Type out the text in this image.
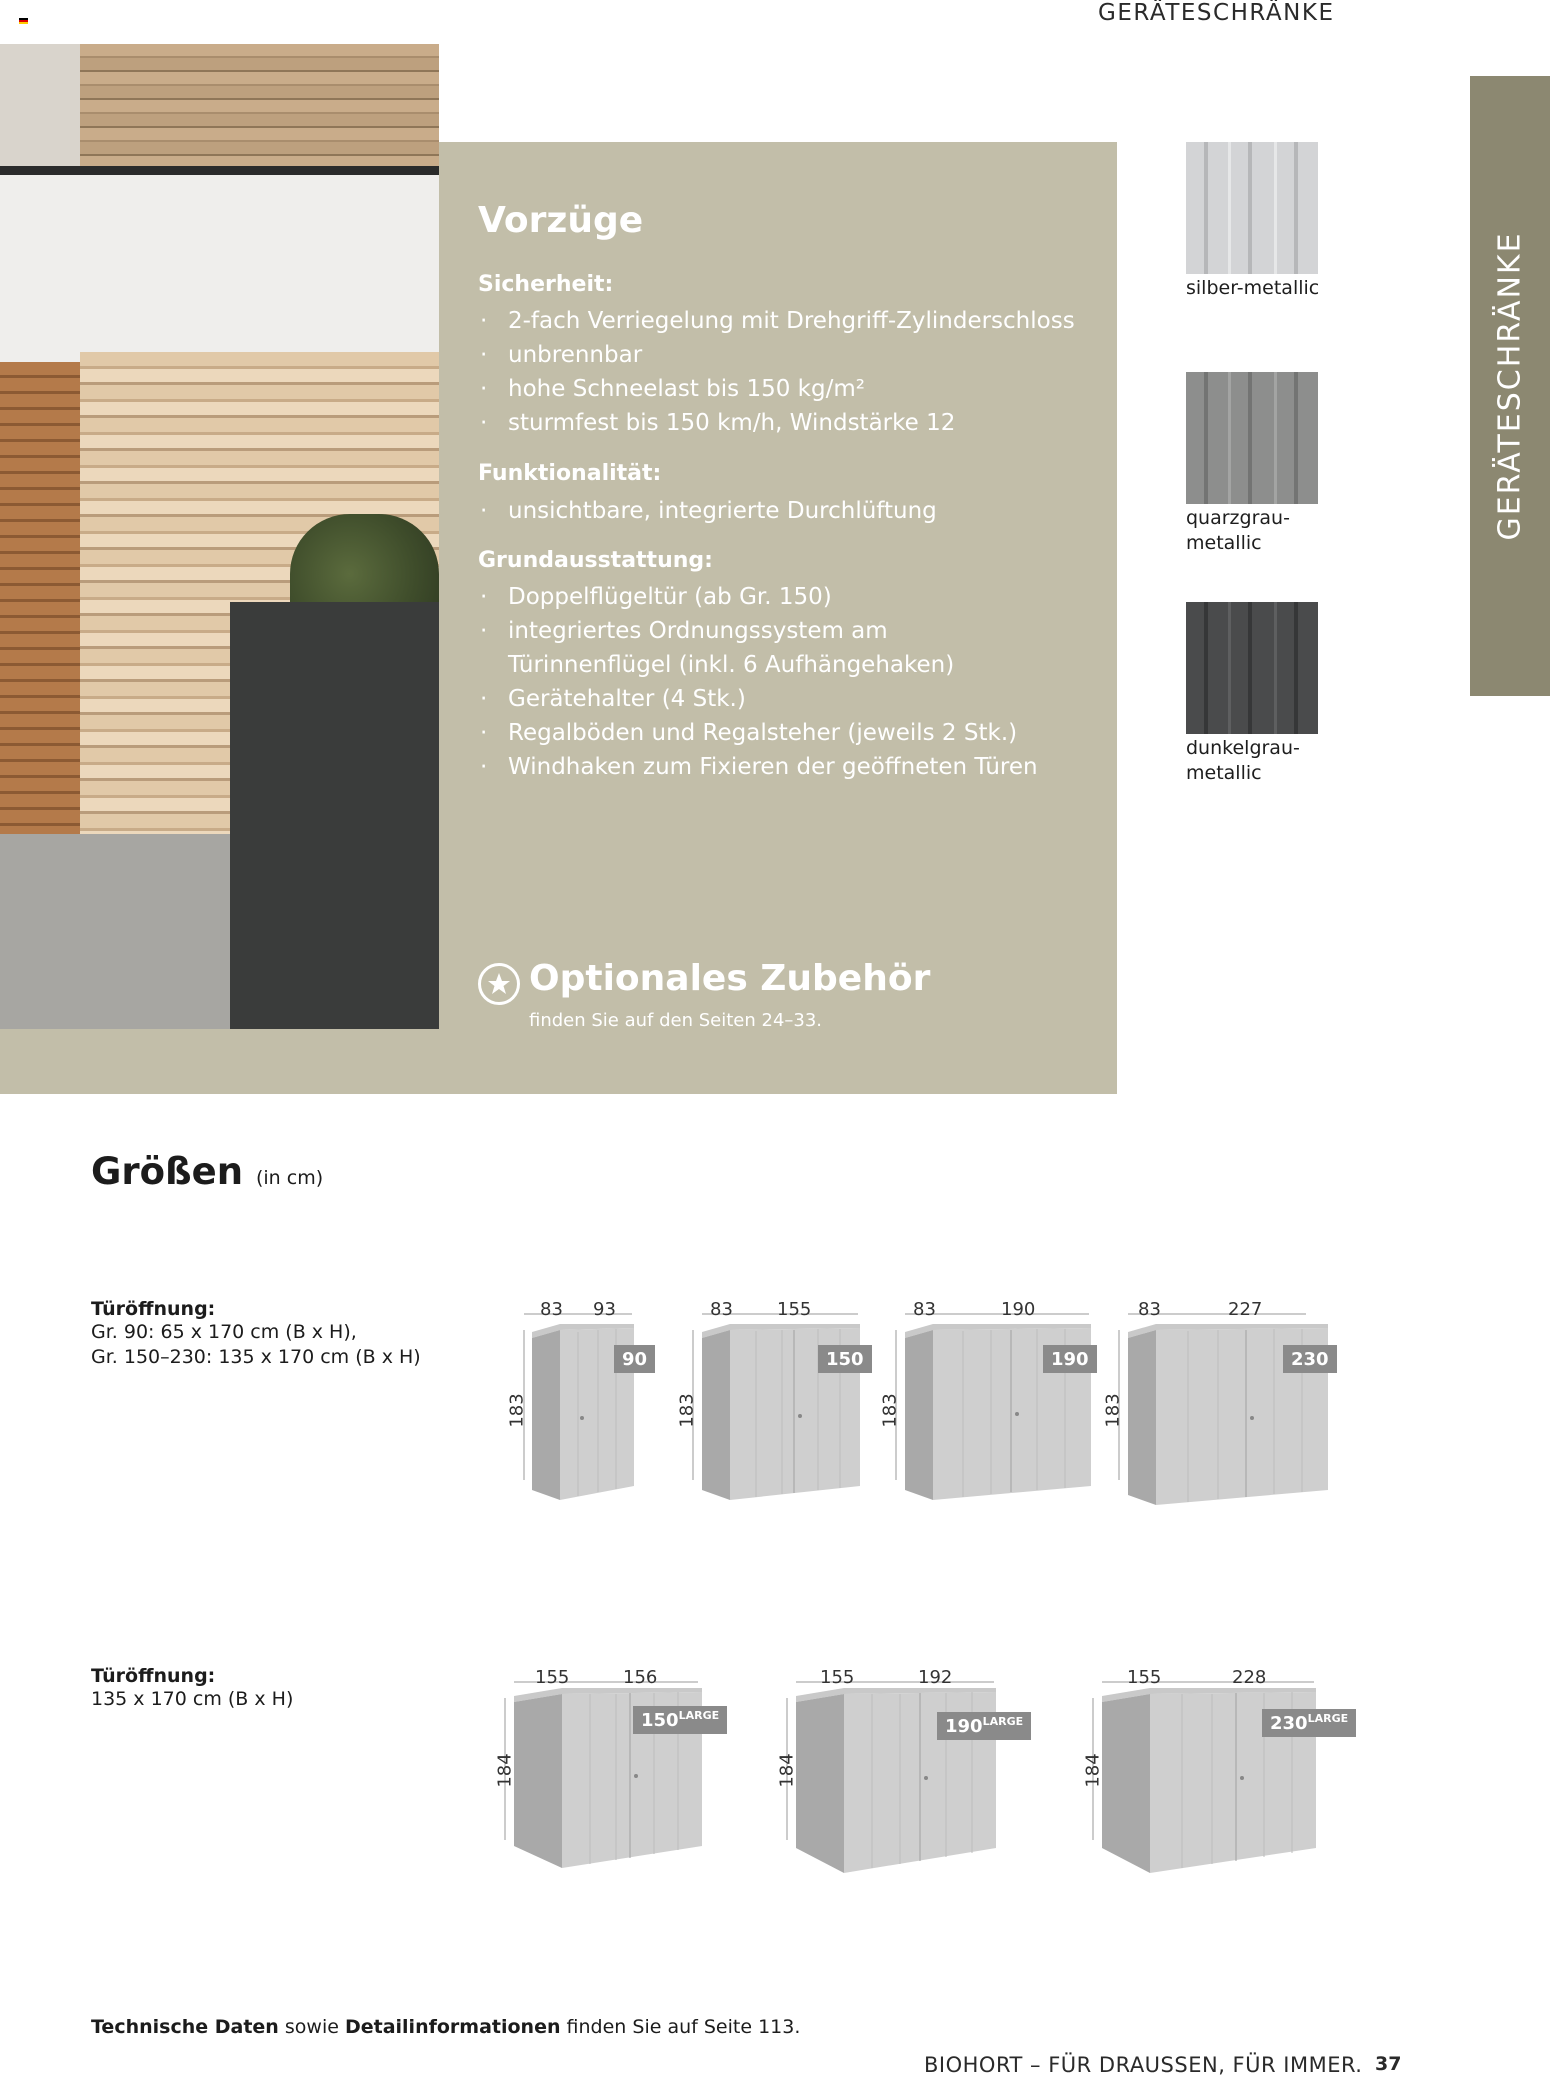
GERÄTESCHRÄNKE
GERÄTESCHRÄNKE
Vorzüge
Sicherheit:
· 2-fach Verriegelung mit Drehgriff-Zylinderschloss
· unbrennbar
· hohe Schneelast bis 150 kg/m²
· sturmfest bis 150 km/h, Windstärke 12
Funktionalität:
· unsichtbare, integrierte Durchlüftung
Grundausstattung:
· Doppelflügeltür (ab Gr. 150)
· integriertes Ordnungssystem am Türinnenflügel (inkl. 6 Aufhängehaken)
· Gerätehalter (4 Stk.)
· Regalböden und Regalsteher (jeweils 2 Stk.)
· Windhaken zum Fixieren der geöffneten Türen
Optionales Zubehör
finden Sie auf den Seiten 24–33.
silber-metallic
quarzgrau-
metallic
dunkelgrau-
metallic
Größen (in cm)
Türöffnung:
Gr. 90: 65 x 170 cm (B x H),
Gr. 150–230: 135 x 170 cm (B x H)
Türöffnung:
135 x 170 cm (B x H)
83 93
183
90
83 155
183
150
83	190
183
190
83	227
183
230
155	156
184
$150^{LARGE}$
155	192
184
$190^{LARGE}$
155	228
184
$230^{LARGE}$
Technische Daten sowie Detailinformationen finden Sie auf Seite 113.
BIOHORT – FÜR DRAUSSEN, FÜR IMMER. 37
